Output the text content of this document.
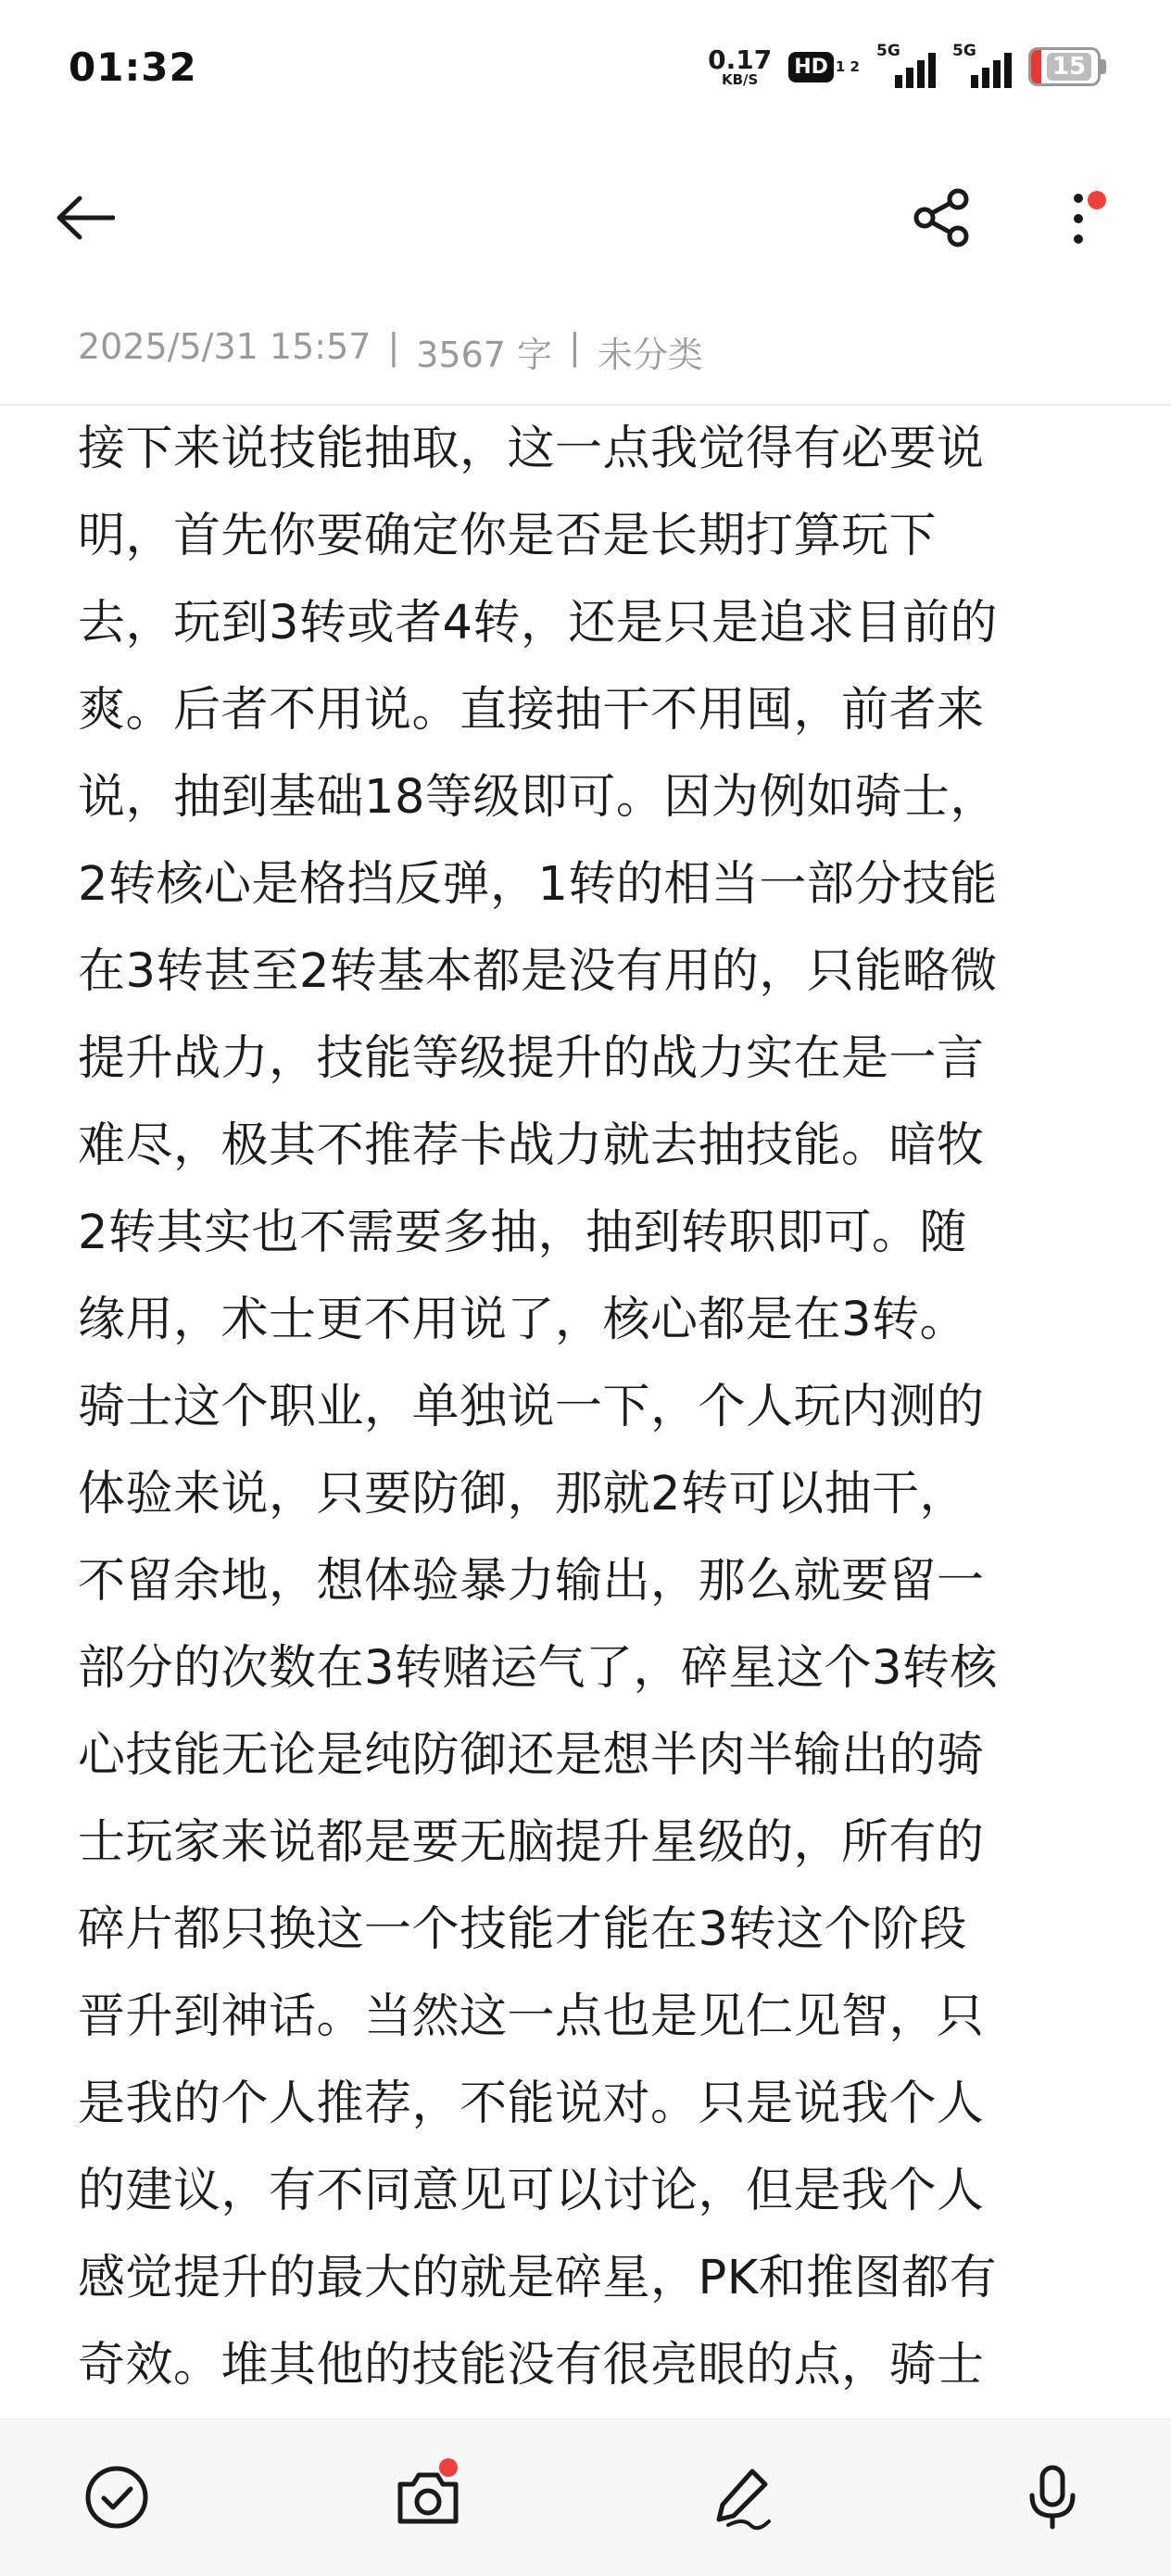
01:32	0.17
KB/S
HD 1 2
5G	5G
15
2025/5/31 15:57 | 3567 字 | 未分类
接下来说技能抽取，这一点我觉得有必要说
明，首先你要确定你是否是长期打算玩下
去，玩到3转或者4转，还是只是追求目前的
爽。后者不用说。直接抽干不用囤，前者来
说，抽到基础18等级即可。因为例如骑士，
2转核心是格挡反弹，1转的相当一部分技能
在3转甚至2转基本都是没有用的，只能略微
提升战力，技能等级提升的战力实在是一言
难尽，极其不推荐卡战力就去抽技能。暗牧
2转其实也不需要多抽，抽到转职即可。随
缘用，术士更不用说了，核心都是在3转。
骑士这个职业，单独说一下，个人玩内测的
体验来说，只要防御，那就2转可以抽干，
不留余地，想体验暴力输出，那么就要留一
部分的次数在3转赌运气了，碎星这个3转核
心技能无论是纯防御还是想半肉半输出的骑
士玩家来说都是要无脑提升星级的，所有的
碎片都只换这一个技能才能在3转这个阶段
晋升到神话。当然这一点也是见仁见智，只
是我的个人推荐，不能说对。只是说我个人
的建议，有不同意见可以讨论，但是我个人
感觉提升的最大的就是碎星，PK和推图都有
奇效。堆其他的技能没有很亮眼的点，骑士
